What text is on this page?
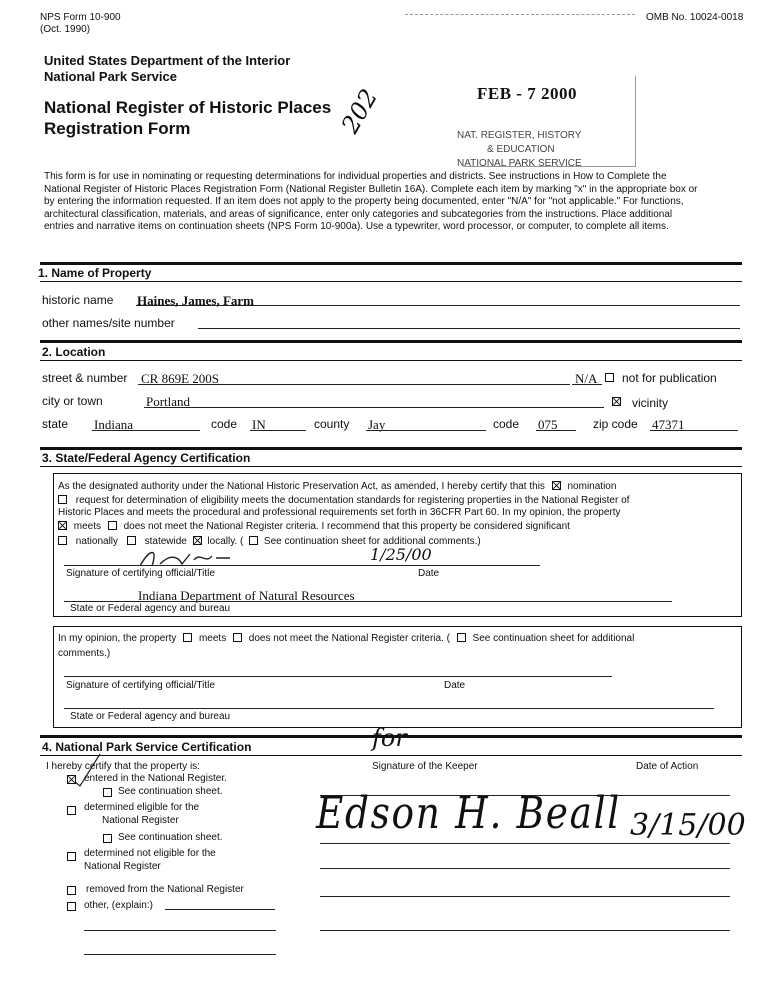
NPS Form 10-900
(Oct. 1990)
OMB No. 10024-0018
United States Department of the Interior
National Park Service
National Register of Historic Places
Registration Form	202	FEB - 7 2000
NAT. REGISTER, HISTORY
& EDUCATION
NATIONAL PARK SERVICE
This form is for use in nominating or requesting determinations for individual properties and districts. See instructions in How to Complete the
National Register of Historic Places Registration Form (National Register Bulletin 16A). Complete each item by marking "x" in the appropriate box or
by entering the information requested. If an item does not apply to the property being documented, enter "N/A" for "not applicable." For functions,
architectural classification, materials, and areas of significance, enter only categories and subcategories from the instructions. Place additional
entries and narrative items on continuation sheets (NPS Form 10-900a). Use a typewriter, word processor, or computer, to complete all items.
1. Name of Property
historic name Haines, James, Farm
other names/site number
2. Location
street & number CR 869E 200S	N/A not for publication
city or town	Portland	vicinity
state Indiana	code IN	county Jay	code 075	zip code 47371
3. State/Federal Agency Certification
As the designated authority under the National Historic Preservation Act, as amended, I hereby certify that this nomination
request for determination of eligibility meets the documentation standards for registering properties in the National Register of
Historic Places and meets the procedural and professional requirements set forth in 36CFR Part 60. In my opinion, the property
meets does not meet the National Register criteria. I recommend that this property be considered significant
nationally	statewide locally. ( See continuation sheet for additional comments.)
1/25/00
Signature of certifying official/Title	Date
Indiana Department of Natural Resources
State or Federal agency and bureau
In my opinion, the property meets does not meet the National Register criteria. ( See continuation sheet for additional
comments.)
Signature of certifying official/Title	Date
State or Federal agency and bureau
4. National Park Service Certification	for
I hereby certify that the property is:	Signature of the Keeper	Date of Action
entered in the National Register.
See continuation sheet.
determined eligible for the
National Register
See continuation sheet. Edson H. Beall 3/15/00
determined not eligible for the
National Register
removed from the National Register
other, (explain:)
